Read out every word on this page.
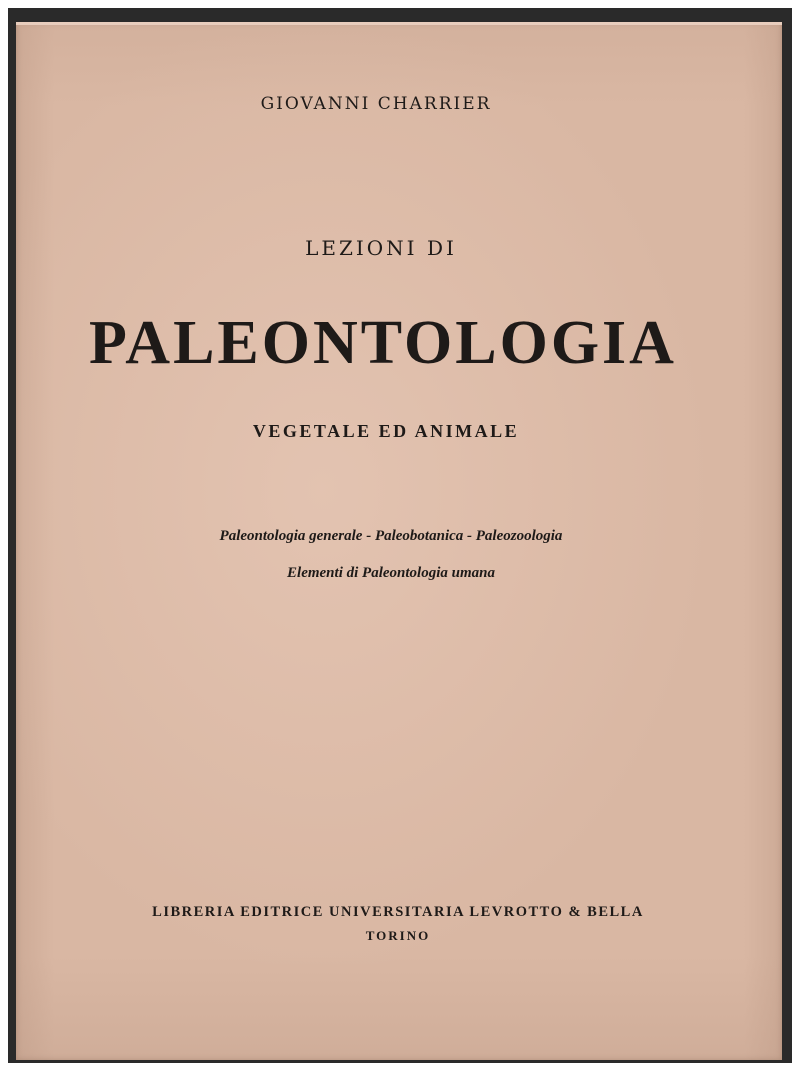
GIOVANNI CHARRIER
LEZIONI DI
PALEONTOLOGIA
VEGETALE ED ANIMALE
Paleontologia generale - Paleobotanica - Paleozoologia
Elementi di Paleontologia umana
LIBRERIA EDITRICE UNIVERSITARIA LEVROTTO & BELLA
TORINO
